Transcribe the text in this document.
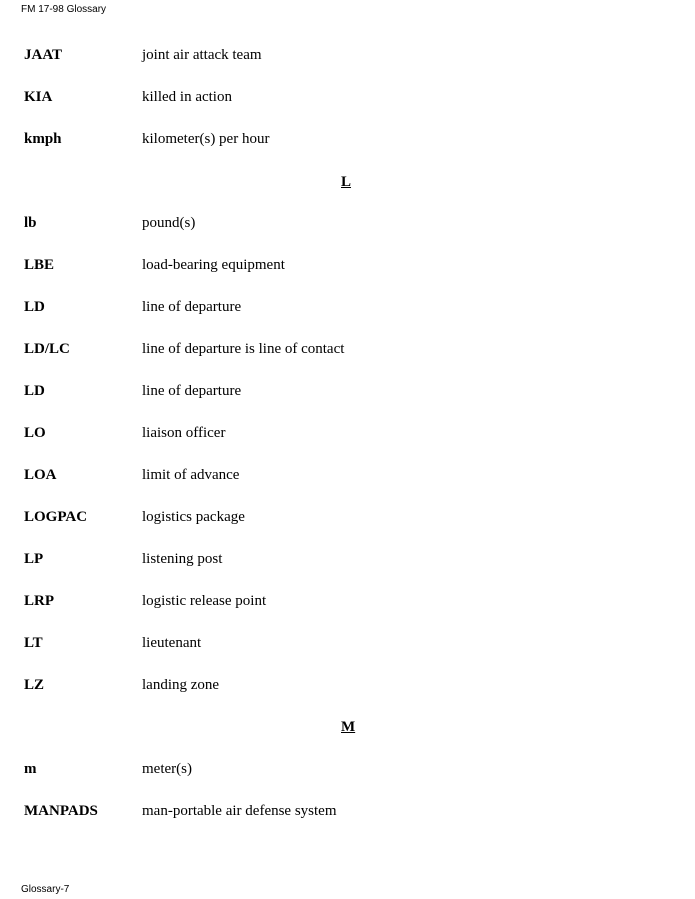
FM 17-98 Glossary
JAAT	joint air attack team
KIA	killed in action
kmph	kilometer(s) per hour
L
lb	pound(s)
LBE	load-bearing equipment
LD	line of departure
LD/LC	line of departure is line of contact
LD	line of departure
LO	liaison officer
LOA	limit of advance
LOGPAC	logistics package
LP	listening post
LRP	logistic release point
LT	lieutenant
LZ	landing zone
M
m	meter(s)
MANPADS	man-portable air defense system
Glossary-7
